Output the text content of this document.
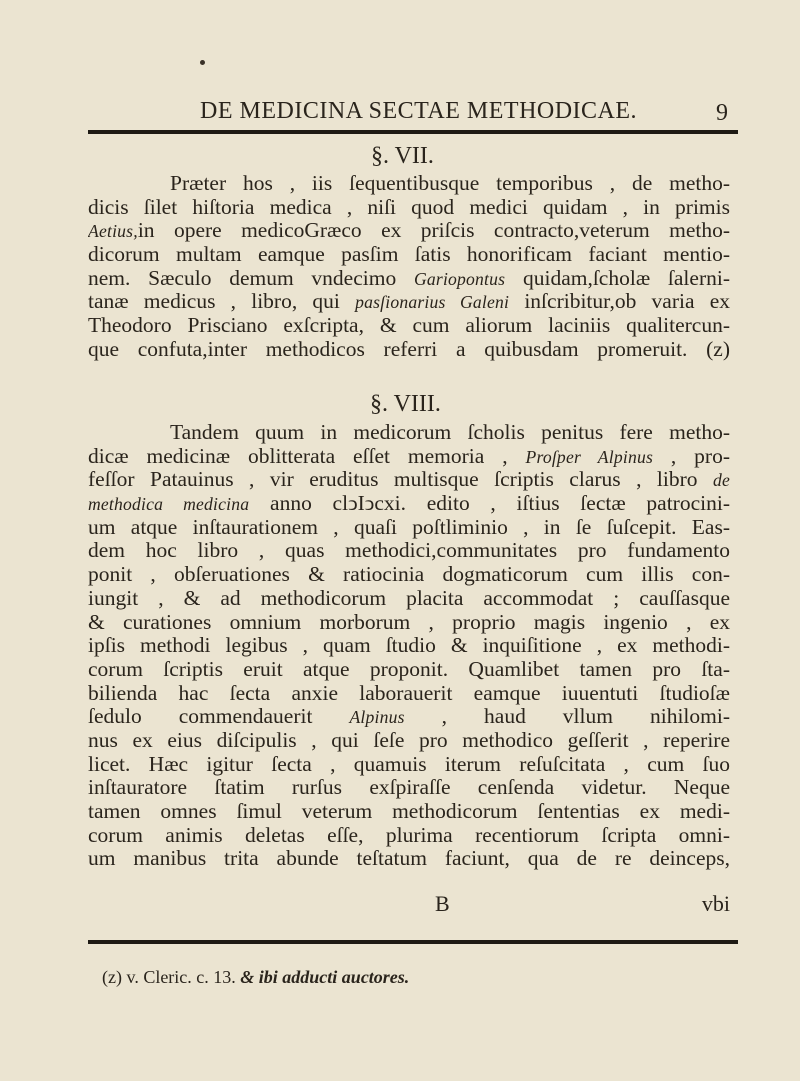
DE MEDICINA SECTAE METHODICAE.	9
§. VII.
Præter hos , iis ſequentibusque temporibus , de metho-
dicis ſilet hiſtoria medica , niſi quod medici quidam , in primis
Aetius,in opere medicoGræco ex priſcis contracto,veterum metho-
dicorum multam eamque pasſim ſatis honorificam faciant mentio-
nem. Sæculo demum vndecimo Gariopontus quidam,ſcholæ ſalerni-
tanæ medicus , libro, qui pasſionarius Galeni inſcribitur,ob varia ex
Theodoro Prisciano exſcripta, & cum aliorum laciniis qualitercun-
que confuta,inter methodicos referri a quibusdam promeruit. (z)
§. VIII.
Tandem quum in medicorum ſcholis penitus fere metho-
dicæ medicinæ oblitterata eſſet memoria , Proſper Alpinus , pro-
feſſor Patauinus , vir eruditus multisque ſcriptis clarus , libro de
methodica medicina anno clↄIↄcxi. edito , iſtius ſectæ patrocini-
um atque inſtaurationem , quaſi poſtliminio , in ſe ſuſcepit. Eas-
dem hoc libro , quas methodici,communitates pro fundamento
ponit , obſeruationes & ratiocinia dogmaticorum cum illis con-
iungit , & ad methodicorum placita accommodat ; cauſſasque
& curationes omnium morborum , proprio magis ingenio , ex
ipſis methodi legibus , quam ſtudio & inquiſitione , ex methodi-
corum ſcriptis eruit atque proponit. Quamlibet tamen pro ſta-
bilienda hac ſecta anxie laborauerit eamque iuuentuti ſtudioſæ
ſedulo commendauerit Alpinus , haud vllum nihilomi-
nus ex eius diſcipulis , qui ſeſe pro methodico geſſerit , reperire
licet. Hæc igitur ſecta , quamuis iterum reſuſcitata , cum ſuo
inſtauratore ſtatim rurſus exſpiraſſe cenſenda videtur. Neque
tamen omnes ſimul veterum methodicorum ſententias ex medi-
corum animis deletas eſſe, plurima recentiorum ſcripta omni-
um manibus trita abunde teſtatum faciunt, qua de re deinceps,
B	vbi
(z) v. Cleric. c. 13. & ibi adducti auctores.
